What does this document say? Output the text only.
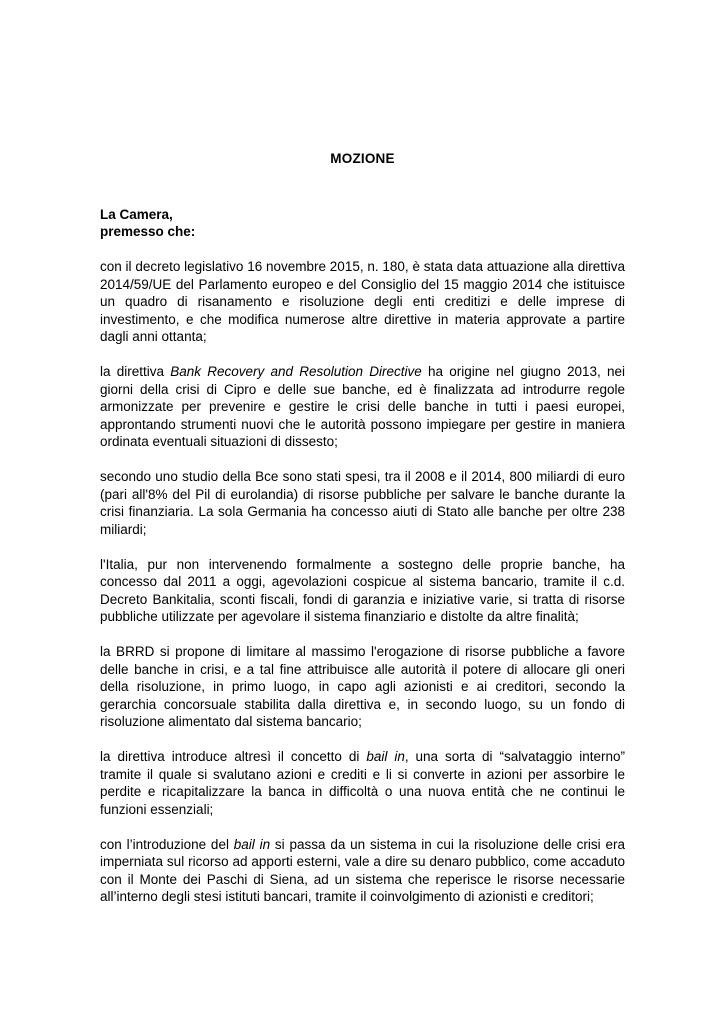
MOZIONE
La Camera,
premesso che:

con il decreto legislativo 16 novembre 2015, n. 180, è stata data attuazione alla direttiva 2014/59/UE del Parlamento europeo e del Consiglio del 15 maggio 2014 che istituisce un quadro di risanamento e risoluzione degli enti creditizi e delle imprese di investimento, e che modifica numerose altre direttive in materia approvate a partire dagli anni ottanta;

la direttiva Bank Recovery and Resolution Directive ha origine nel giugno 2013, nei giorni della crisi di Cipro e delle sue banche, ed è finalizzata ad introdurre regole armonizzate per prevenire e gestire le crisi delle banche in tutti i paesi europei, approntando strumenti nuovi che le autorità possono impiegare per gestire in maniera ordinata eventuali situazioni di dissesto;

secondo uno studio della Bce sono stati spesi, tra il 2008 e il 2014, 800 miliardi di euro (pari all'8% del Pil di eurolandia) di risorse pubbliche per salvare le banche durante la crisi finanziaria. La sola Germania ha concesso aiuti di Stato alle banche per oltre 238 miliardi;

l'Italia, pur non intervenendo formalmente a sostegno delle proprie banche, ha concesso dal 2011 a oggi, agevolazioni cospicue al sistema bancario, tramite il c.d. Decreto Bankitalia, sconti fiscali, fondi di garanzia e iniziative varie, si tratta di risorse pubbliche utilizzate per agevolare il sistema finanziario e distolte da altre finalità;

la BRRD si propone di limitare al massimo l'erogazione di risorse pubbliche a favore delle banche in crisi, e a tal fine attribuisce alle autorità il potere di allocare gli oneri della risoluzione, in primo luogo, in capo agli azionisti e ai creditori, secondo la gerarchia concorsuale stabilita dalla direttiva e, in secondo luogo, su un fondo di risoluzione alimentato dal sistema bancario;

la direttiva introduce altresì il concetto di bail in, una sorta di “salvataggio interno” tramite il quale si svalutano azioni e crediti e li si converte in azioni per assorbire le perdite e ricapitalizzare la banca in difficoltà o una nuova entità che ne continui le funzioni essenziali;

con l’introduzione del bail in si passa da un sistema in cui la risoluzione delle crisi era imperniata sul ricorso ad apporti esterni, vale a dire su denaro pubblico, come accaduto con il Monte dei Paschi di Siena, ad un sistema che reperisce le risorse necessarie all’interno degli stesi istituti bancari, tramite il coinvolgimento di azionisti e creditori;
